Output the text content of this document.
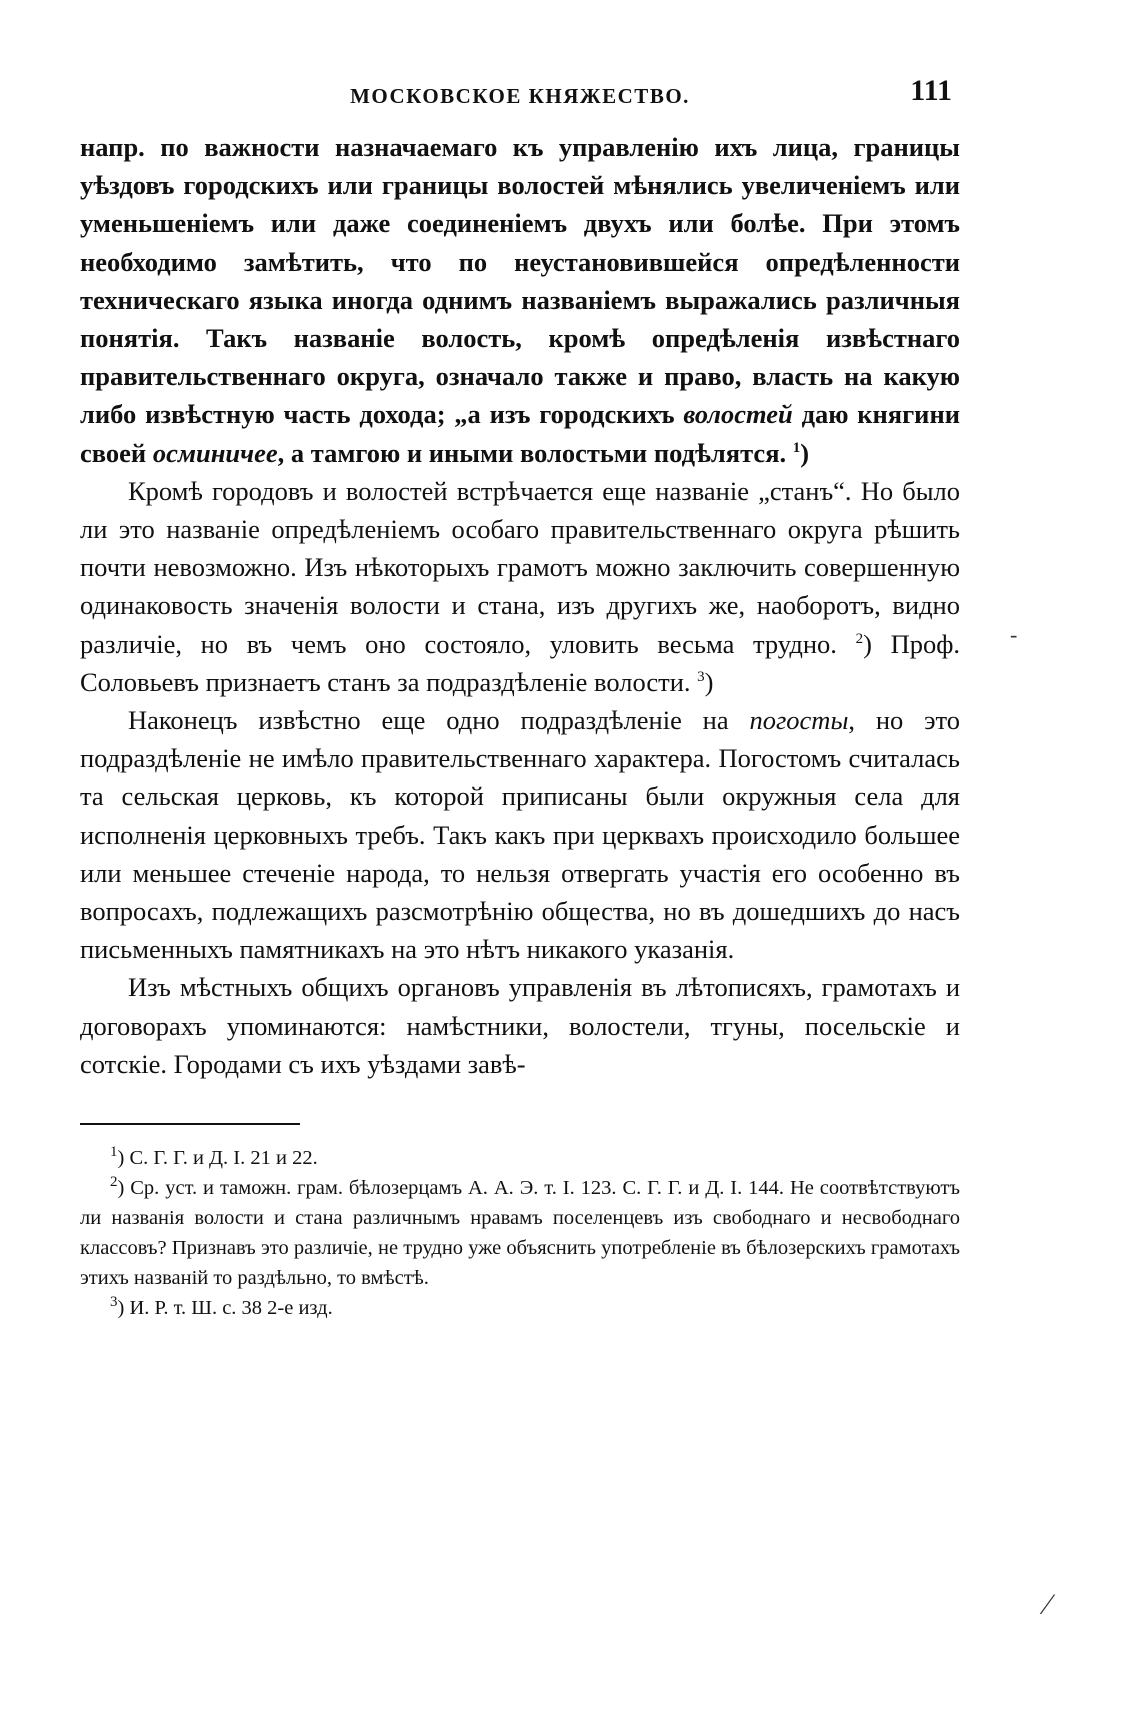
МОСКОВСКОЕ КНЯЖЕСТВО.	111

напр. по важности назначаемаго къ управленію ихъ лица, границы уѣздовъ городскихъ или границы волостей мѣнялись увеличеніемъ или уменьшеніемъ или даже соединеніемъ двухъ или болѣе. При этомъ необходимо замѣтить, что по неустановившейся опредѣленности техническаго языка иногда однимъ названіемъ выражались различныя понятія. Такъ названіе волость, кромѣ опредѣленія извѣстнаго правительственнаго округа, означало также и право, власть на какую либо извѣстную часть дохода; „а изъ городскихъ волостей даю княгини своей осминичее, а тамгою и иными волостьми подѣлятся. $^1$)

Кромѣ городовъ и волостей встрѣчается еще названіе „станъ“. Но было ли это названіе опредѣленіемъ особаго правительственнаго округа рѣшить почти невозможно. Изъ нѣкоторыхъ грамотъ можно заключить совершенную одинаковость значенія волости и стана, изъ другихъ же, наоборотъ, видно различіе, но въ чемъ оно состояло, уловить весьма трудно. $^2$) Проф. Соловьевъ признаетъ станъ за подраздѣленіе волости. $^3$)

Наконецъ извѣстно еще одно подраздѣленіе на погосты, но это подраздѣленіе не имѣло правительственнаго характера. Погостомъ считалась та сельская церковь, къ которой приписаны были окружныя села для исполненія церковныхъ требъ. Такъ какъ при церквахъ происходило большее или меньшее стеченіе народа, то нельзя отвергать участія его особенно въ вопросахъ, подлежащихъ разсмотрѣнію общества, но въ дошедшихъ до насъ письменныхъ памятникахъ на это нѣтъ никакого указанія.

Изъ мѣстныхъ общихъ органовъ управленія въ лѣтописяхъ, грамотахъ и договорахъ упоминаются: намѣстники, волостели, тгуны, посельскіе и сотскіе. Городами съ ихъ уѣздами завѣ-

$^1$) С. Г. Г. и Д. I. 21 и 22.

$^2$) Ср. уст. и таможн. грам. бѣлозерцамъ А. А. Э. т. I. 123. С. Г. Г. и Д. I. 144. Не соотвѣтствуютъ ли названія волости и стана различнымъ нравамъ поселенцевъ изъ свободнаго и несвободнаго классовъ? Признавъ это различіе, не трудно уже объяснить употребленіе въ бѣлозерскихъ грамотахъ этихъ названій то раздѣльно, то вмѣстѣ.

$^3$) И. Р. т. Ш. с. 38 2-е изд.

-
⁄
